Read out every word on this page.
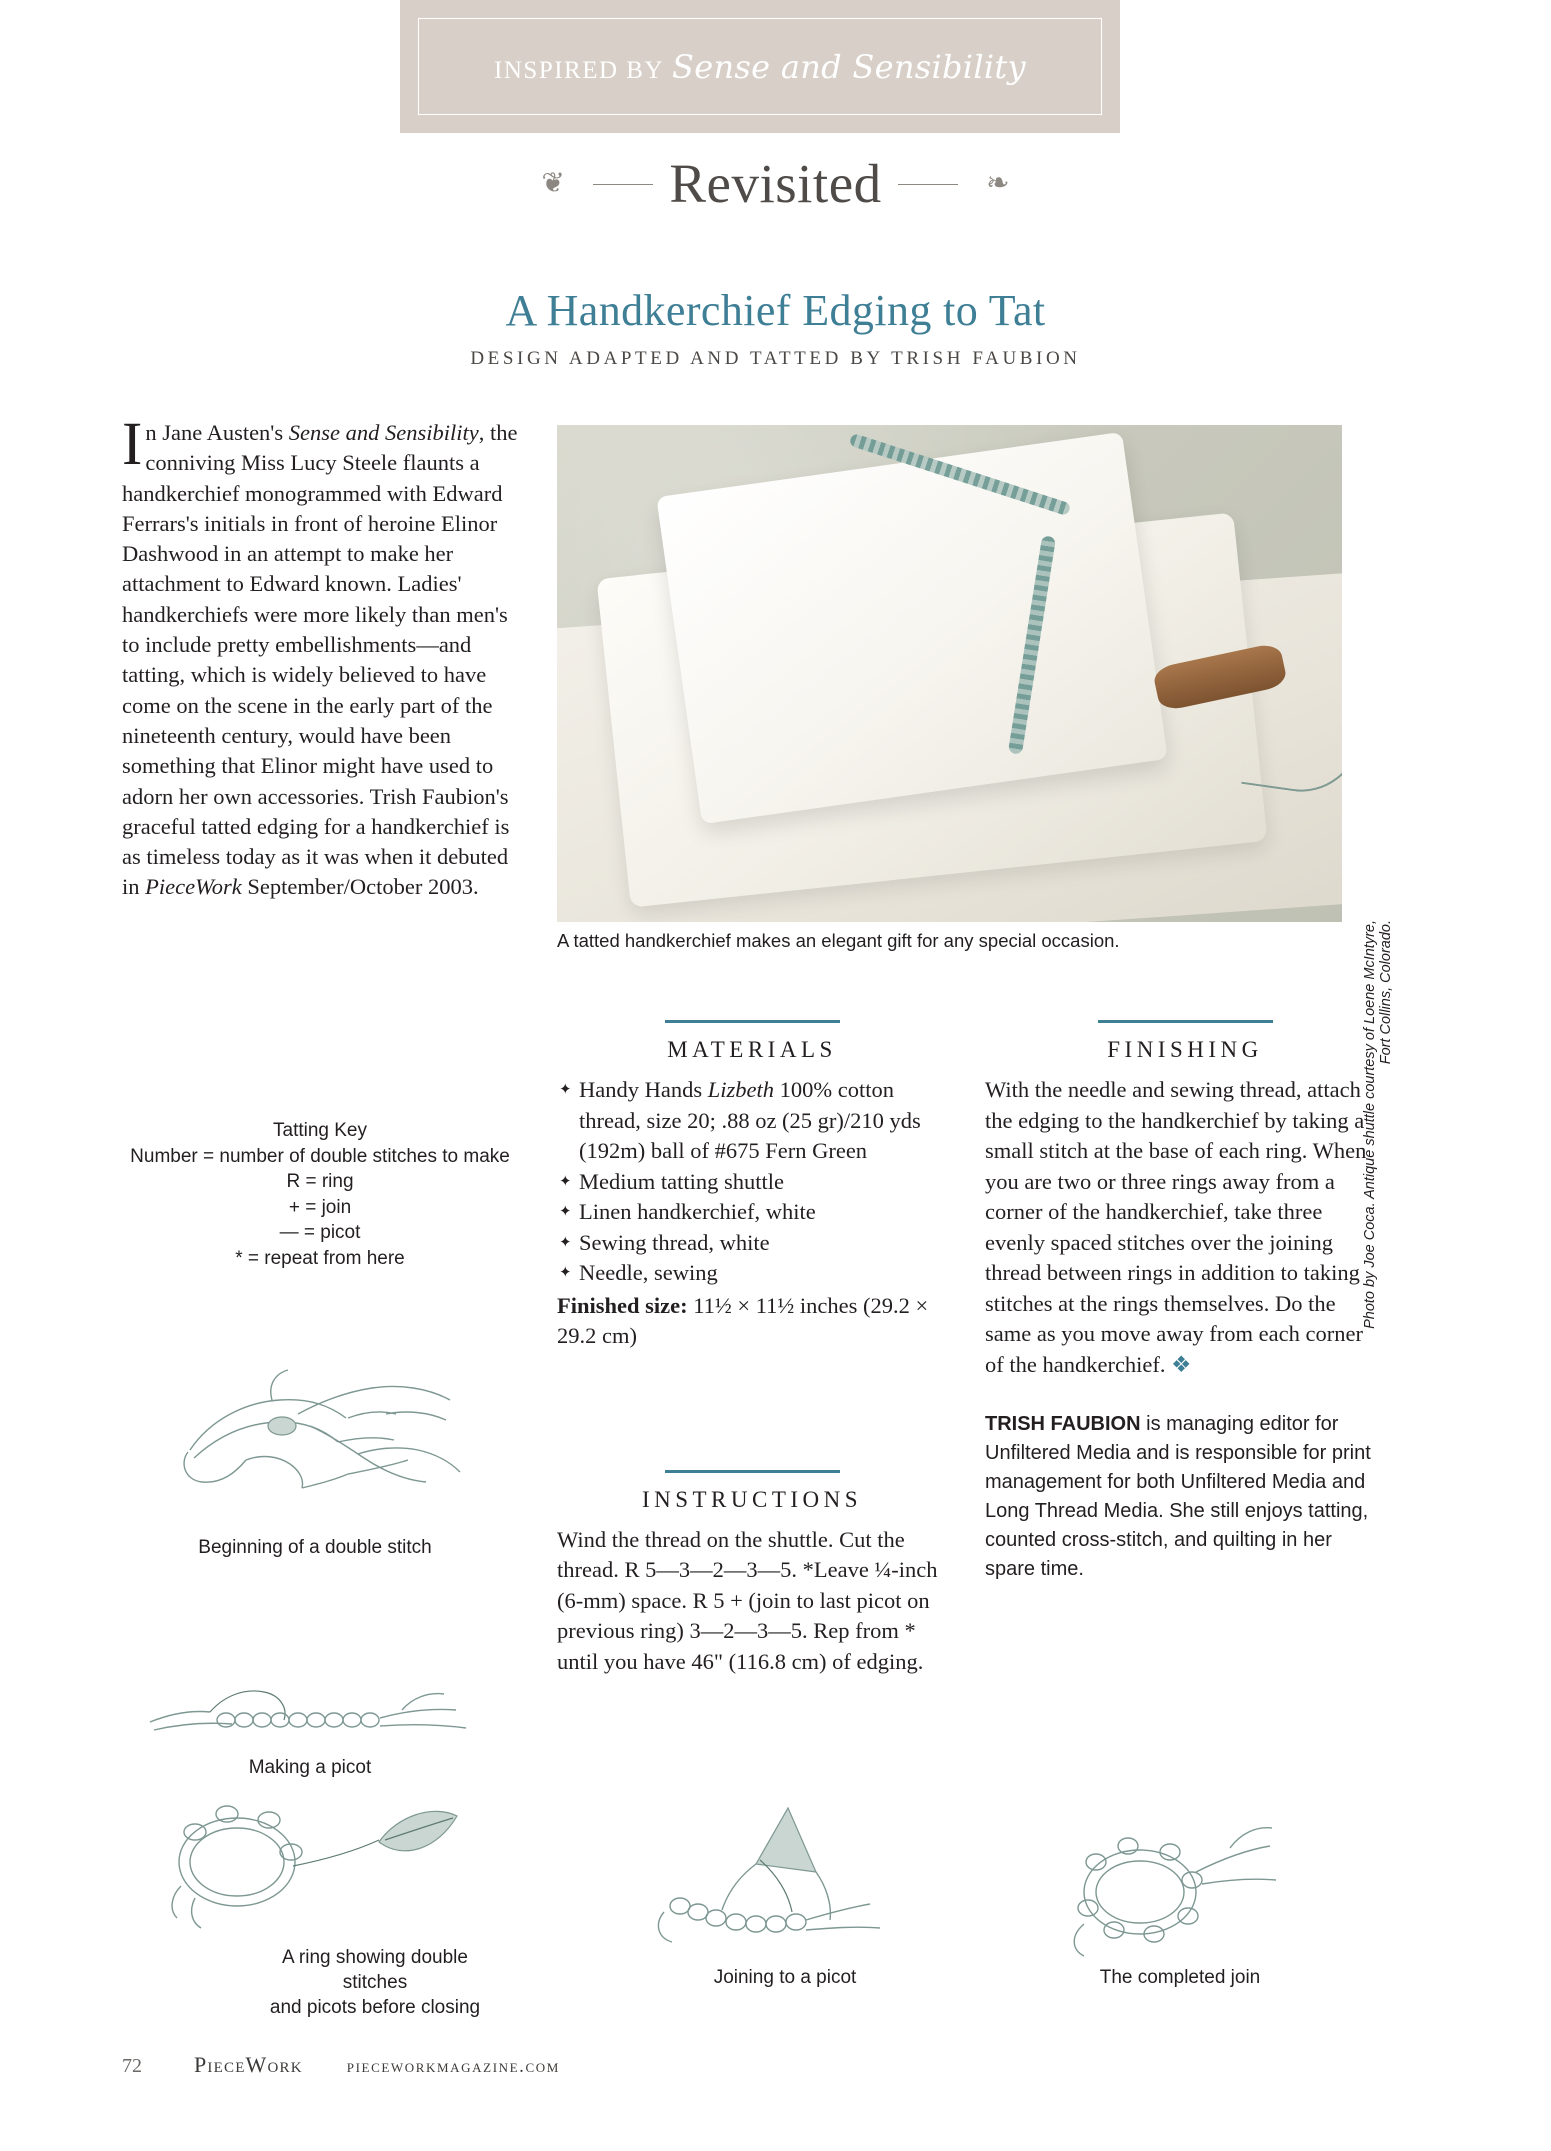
INSPIRED BY Sense and Sensibility
❦ Revisited	❧
A Handkerchief Edging to Tat
DESIGN ADAPTED AND TATTED BY TRISH FAUBION
I n Jane Austen's Sense and Sensibility, the conniving Miss Lucy Steele flaunts a handkerchief monogrammed with Edward Ferrars's initials in front of heroine Elinor Dashwood in an attempt to make her attachment to Edward known. Ladies' handkerchiefs were more likely than men's to include pretty embellishments—and tatting, which is widely believed to have come on the scene in the early part of the nineteenth century, would have been something that Elinor might have used to adorn her own accessories. Trish Faubion's graceful tatted edging for a handkerchief is as timeless today as it was when it debuted in PieceWork September/October 2003.

A tatted handkerchief makes an elegant gift for any special occasion.	Photo by Joe Coca. Antique shuttle courtesy of Loene McIntyre, Fort Collins, Colorado.
Tatting Key
Number = number of double stitches to make
R = ring
+ = join
— = picot
* = repeat from here
Beginning of a double stitch
Making a picot
A ring showing double stitches
and picots before closing
Joining to a picot	The completed join
MATERIALS
✦ Handy Hands Lizbeth 100% cotton thread, size 20; .88 oz (25 gr)/210 yds (192m) ball of #675 Fern Green
✦ Medium tatting shuttle
✦ Linen handkerchief, white
✦ Sewing thread, white
✦ Needle, sewing
Finished size: 11½ × 11½ inches (29.2 × 29.2 cm)
INSTRUCTIONS

Wind the thread on the shuttle. Cut the thread. R 5—3—2—3—5. *Leave ¼-inch (6-mm) space. R 5 + (join to last picot on previous ring) 3—2—3—5. Rep from * until you have 46" (116.8 cm) of edging.

FINISHING

With the needle and sewing thread, attach the edging to the handkerchief by taking a small stitch at the base of each ring. When you are two or three rings away from a corner of the handkerchief, take three evenly spaced stitches over the joining thread between rings in addition to taking stitches at the rings themselves. Do the same as you move away from each corner of the handkerchief. ❖

TRISH FAUBION is managing editor for Unfiltered Media and is responsible for print management for both Unfiltered Media and Long Thread Media. She still enjoys tatting, counted cross-stitch, and quilting in her spare time.

72 PieceWork pieceworkmagazine.com
